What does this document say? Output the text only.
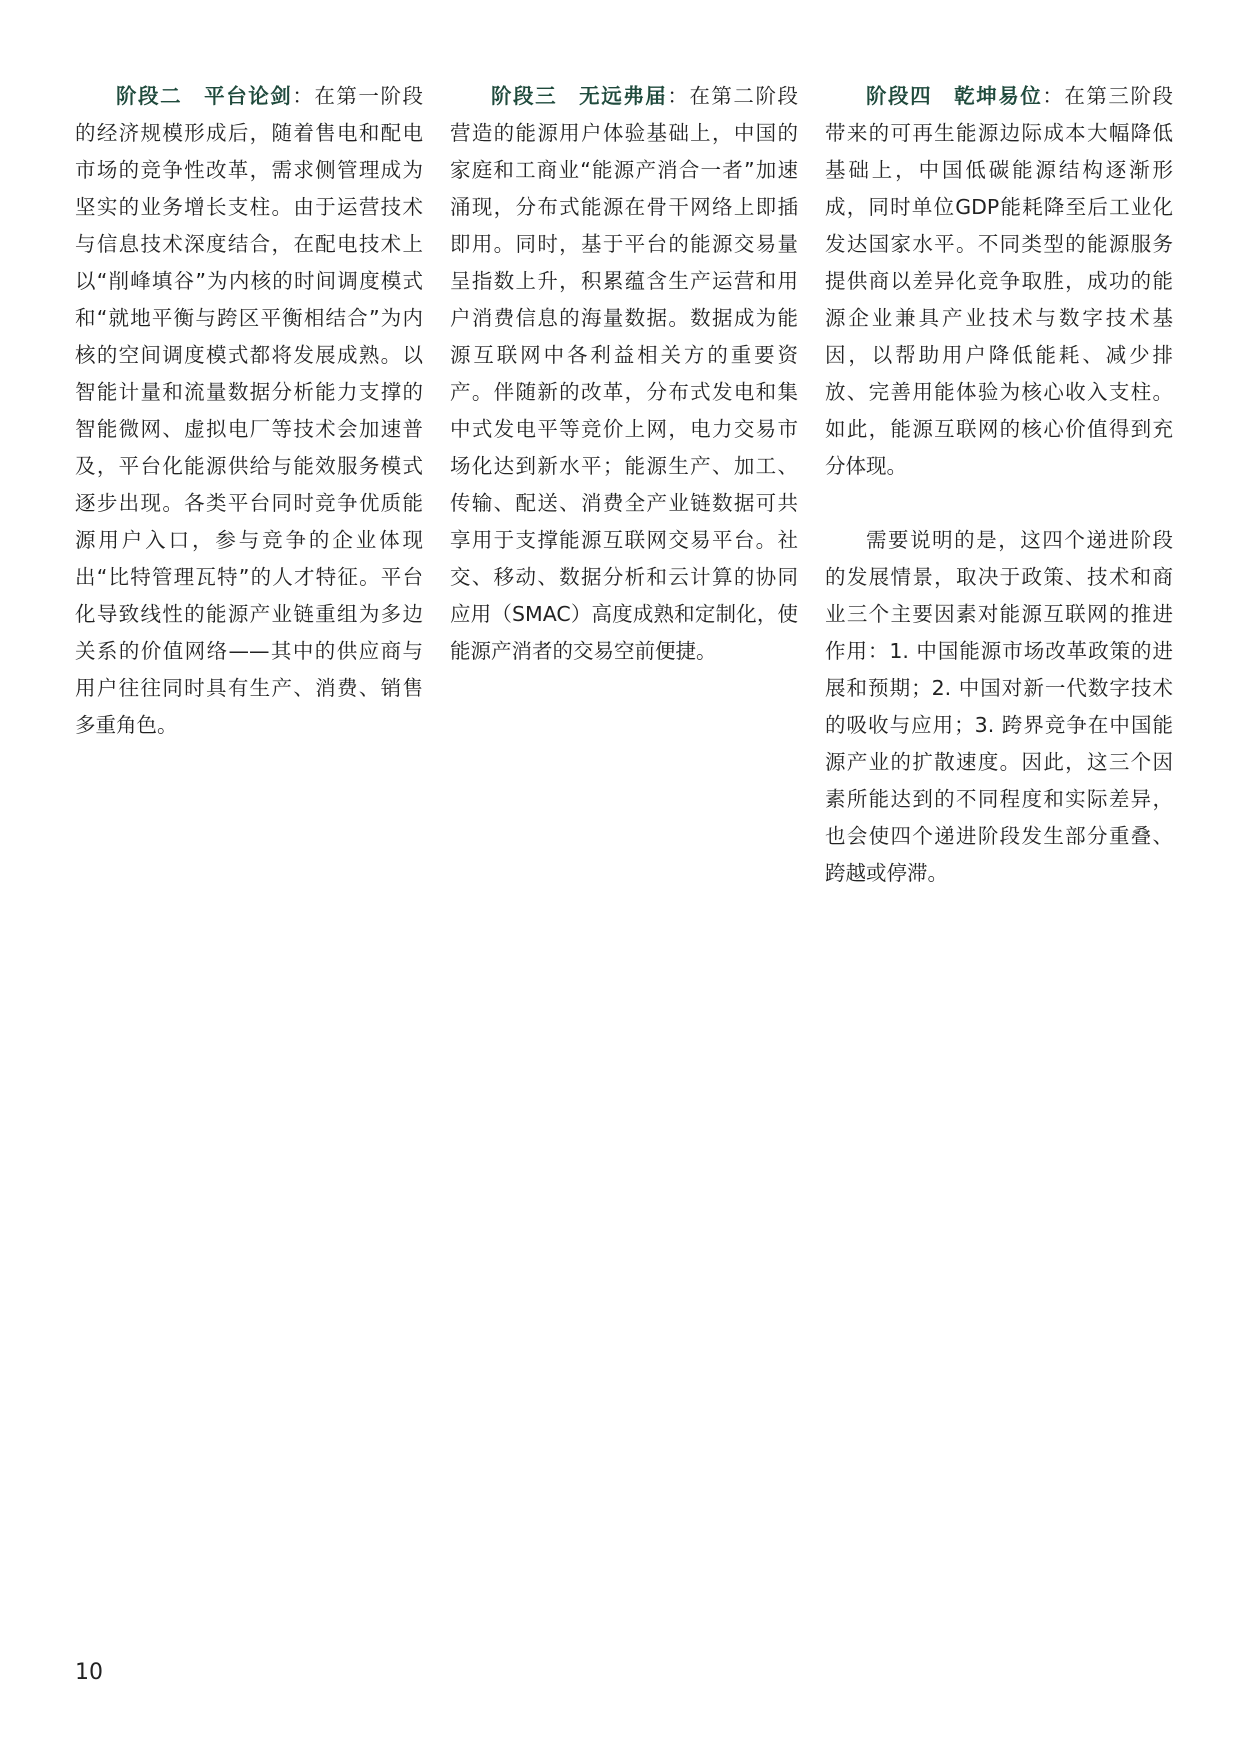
阶段二　平台论剑：在第一阶段的经济规模形成后，随着售电和配电市场的竞争性改革，需求侧管理成为坚实的业务增长支柱。由于运营技术与信息技术深度结合，在配电技术上以“削峰填谷”为内核的时间调度模式和“就地平衡与跨区平衡相结合”为内核的空间调度模式都将发展成熟。以智能计量和流量数据分析能力支撑的智能微网、虚拟电厂等技术会加速普及，平台化能源供给与能效服务模式逐步出现。各类平台同时竞争优质能源用户入口，参与竞争的企业体现出“比特管理瓦特”的人才特征。平台化导致线性的能源产业链重组为多边关系的价值网络——其中的供应商与用户往往同时具有生产、消费、销售多重角色。

阶段三　无远弗届：在第二阶段营造的能源用户体验基础上，中国的家庭和工商业“能源产消合一者”加速涌现，分布式能源在骨干网络上即插即用。同时，基于平台的能源交易量呈指数上升，积累蕴含生产运营和用户消费信息的海量数据。数据成为能源互联网中各利益相关方的重要资产。伴随新的改革，分布式发电和集中式发电平等竞价上网，电力交易市场化达到新水平；能源生产、加工、传输、配送、消费全产业链数据可共享用于支撑能源互联网交易平台。社交、移动、数据分析和云计算的协同应用（SMAC）高度成熟和定制化，使能源产消者的交易空前便捷。

阶段四　乾坤易位：在第三阶段带来的可再生能源边际成本大幅降低基础上，中国低碳能源结构逐渐形成，同时单位GDP能耗降至后工业化发达国家水平。不同类型的能源服务提供商以差异化竞争取胜，成功的能源企业兼具产业技术与数字技术基因，以帮助用户降低能耗、减少排放、完善用能体验为核心收入支柱。如此，能源互联网的核心价值得到充分体现。

需要说明的是，这四个递进阶段的发展情景，取决于政策、技术和商业三个主要因素对能源互联网的推进作用：1. 中国能源市场改革政策的进展和预期；2. 中国对新一代数字技术的吸收与应用；3. 跨界竞争在中国能源产业的扩散速度。因此，这三个因素所能达到的不同程度和实际差异，也会使四个递进阶段发生部分重叠、跨越或停滞。

10
